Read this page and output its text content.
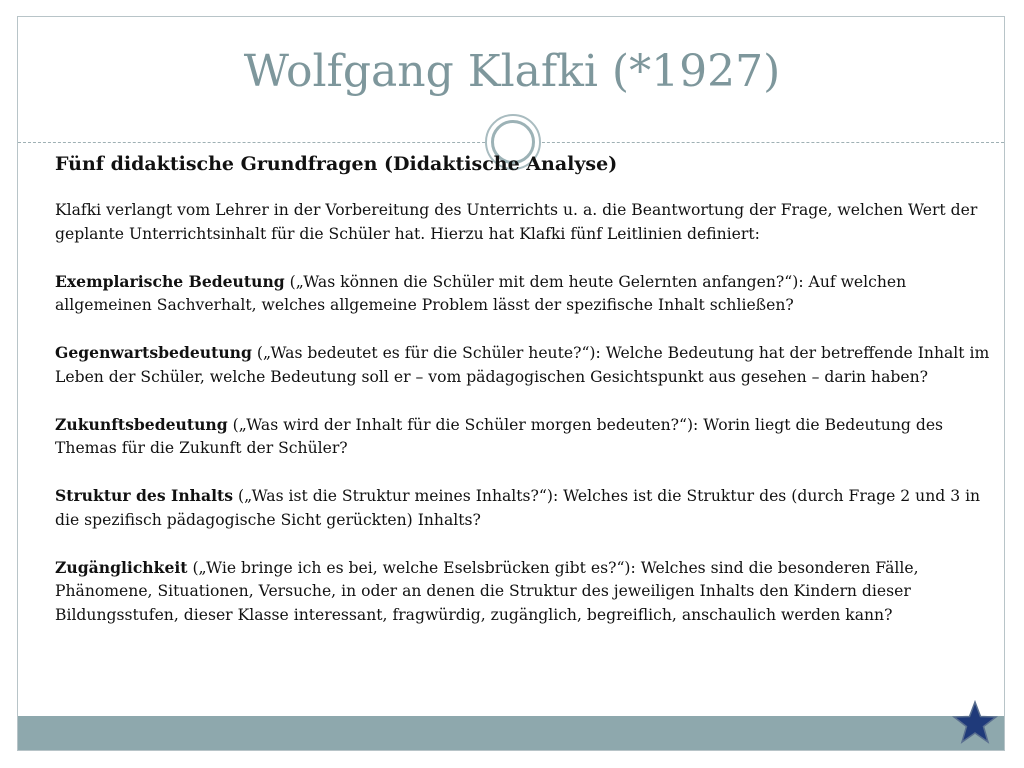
Wolfgang Klafki (*1927)

Fünf didaktische Grundfragen (Didaktische Analyse)

Klafki verlangt vom Lehrer in der Vorbereitung des Unterrichts u. a. die Beantwortung der Frage, welchen Wert der geplante Unterrichtsinhalt für die Schüler hat. Hierzu hat Klafki fünf Leitlinien definiert:

Exemplarische Bedeutung („Was können die Schüler mit dem heute Gelernten anfangen?“): Auf welchen allgemeinen Sachverhalt, welches allgemeine Problem lässt der spezifische Inhalt schließen?

Gegenwartsbedeutung („Was bedeutet es für die Schüler heute?“): Welche Bedeutung hat der betreffende Inhalt im Leben der Schüler, welche Bedeutung soll er – vom pädagogischen Gesichtspunkt aus gesehen – darin haben?

Zukunftsbedeutung („Was wird der Inhalt für die Schüler morgen bedeuten?“): Worin liegt die Bedeutung des Themas für die Zukunft der Schüler?

Struktur des Inhalts („Was ist die Struktur meines Inhalts?“): Welches ist die Struktur des (durch Frage 2 und 3 in die spezifisch pädagogische Sicht gerückten) Inhalts?

Zugänglichkeit („Wie bringe ich es bei, welche Eselsbrücken gibt es?“): Welches sind die besonderen Fälle, Phänomene, Situationen, Versuche, in oder an denen die Struktur des jeweiligen Inhalts den Kindern dieser Bildungsstufen, dieser Klasse interessant, fragwürdig, zugänglich, begreiflich, anschaulich werden kann?
